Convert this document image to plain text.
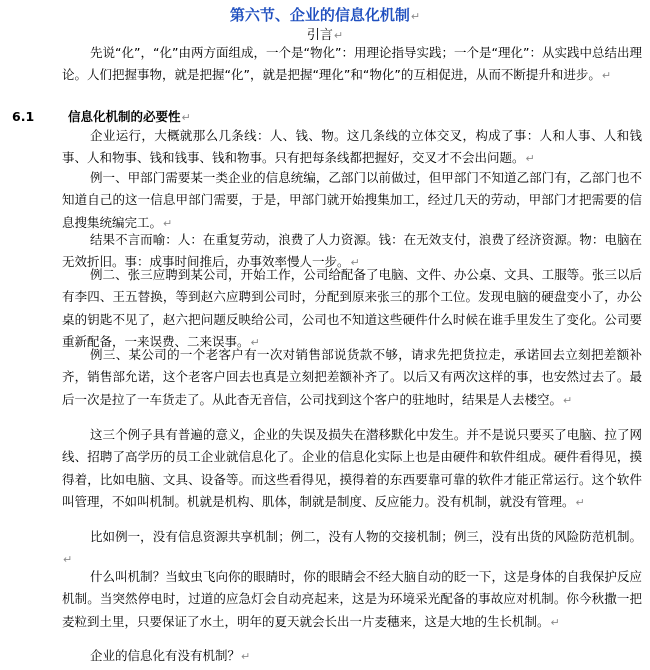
第六节、企业的信息化机制↵
引言↵

先说“化”，“化”由两方面组成，一个是“物化”：用理论指导实践；一个是“理化”：从实践中总结出理论。人们把握事物，就是把握“化”，就是把握“理化”和“物化”的互相促进，从而不断提升和进步。↵

6.1	信息化机制的必要性↵

企业运行，大概就那么几条线：人、钱、物。这几条线的立体交叉，构成了事：人和人事、人和钱事、人和物事、钱和钱事、钱和物事。只有把每条线都把握好，交叉才不会出问题。↵

例一、甲部门需要某一类企业的信息统编，乙部门以前做过，但甲部门不知道乙部门有，乙部门也不知道自己的这一信息甲部门需要，于是，甲部门就开始搜集加工，经过几天的劳动，甲部门才把需要的信息搜集统编完工。↵

结果不言而喻：人：在重复劳动，浪费了人力资源。钱：在无效支付，浪费了经济资源。物：电脑在无效折旧。事：成事时间推后，办事效率慢人一步。↵

例二、张三应聘到某公司，开始工作，公司给配备了电脑、文件、办公桌、文具、工服等。张三以后有李四、王五替换，等到赵六应聘到公司时，分配到原来张三的那个工位。发现电脑的硬盘变小了，办公桌的钥匙不见了，赵六把问题反映给公司，公司也不知道这些硬件什么时候在谁手里发生了变化。公司要重新配备，一来误费、二来误事。↵

例三、某公司的一个老客户有一次对销售部说货款不够，请求先把货拉走，承诺回去立刻把差额补齐，销售部允诺，这个老客户回去也真是立刻把差额补齐了。以后又有两次这样的事，也安然过去了。最后一次是拉了一车货走了。从此杳无音信，公司找到这个客户的驻地时，结果是人去楼空。↵

这三个例子具有普遍的意义，企业的失误及损失在潜移默化中发生。并不是说只要买了电脑、拉了网线、招聘了高学历的员工企业就信息化了。企业的信息化实际上也是由硬件和软件组成。硬件看得见，摸得着，比如电脑、文具、设备等。而这些看得见，摸得着的东西要靠可靠的软件才能正常运行。这个软件叫管理，不如叫机制。机就是机构、肌体，制就是制度、反应能力。没有机制，就没有管理。↵

比如例一，没有信息资源共享机制；例二，没有人物的交接机制；例三，没有出货的风险防范机制。↵

什么叫机制？当蚊虫飞向你的眼睛时，你的眼睛会不经大脑自动的眨一下，这是身体的自我保护反应机制。当突然停电时，过道的应急灯会自动亮起来，这是为环境采光配备的事故应对机制。你今秋撒一把麦粒到土里，只要保证了水土，明年的夏天就会长出一片麦穗来，这是大地的生长机制。↵

企业的信息化有没有机制？↵
